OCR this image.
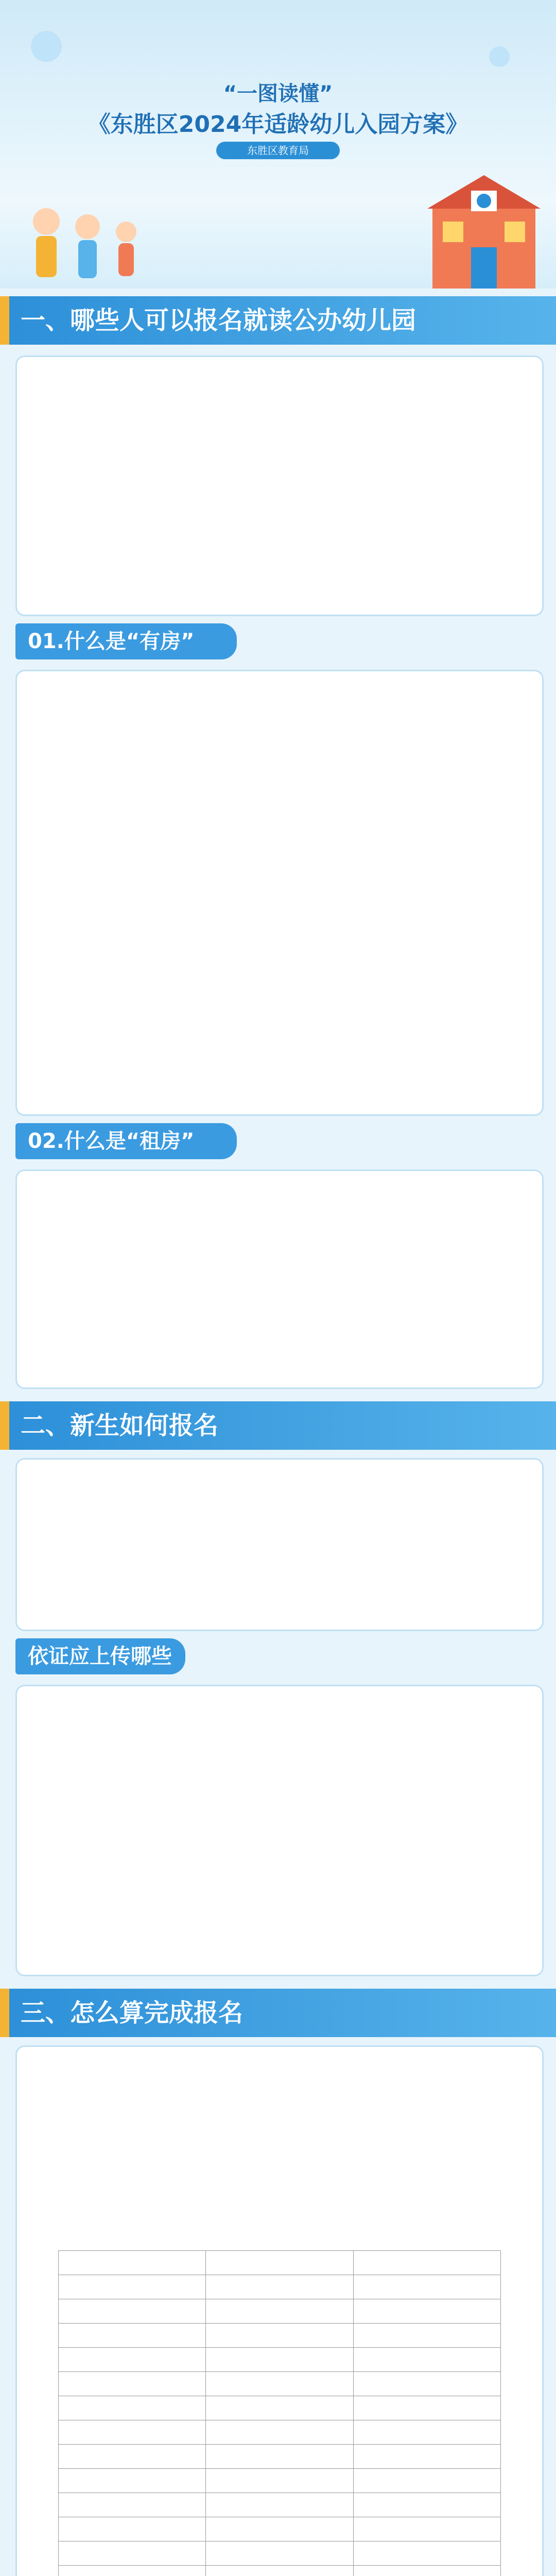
“一图读懂”
《东胜区2024年适龄幼儿入园方案》
东胜区教育局
一、哪些人可以报名就读公办幼儿园
01.什么是“有房”
02.什么是“租房”
二、新生如何报名
依证应上传哪些
三、怎么算完成报名
